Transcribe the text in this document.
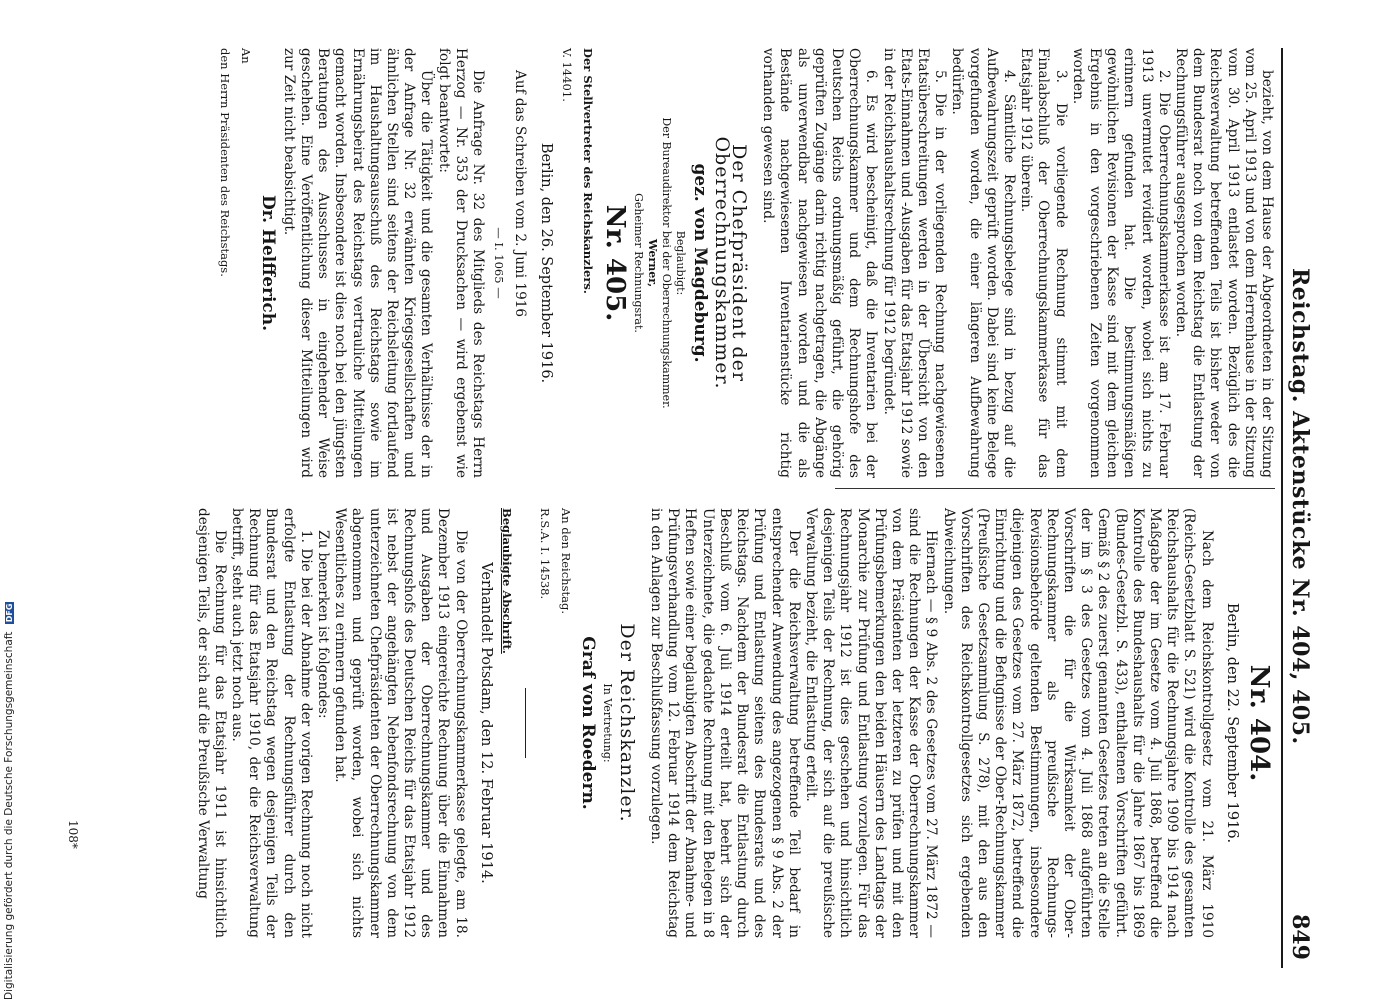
Reichstag. Aktenstücke Nr. 404, 405.
849
Nr. 404.
Berlin, den 22. September 1916.

Nach dem Reichskontrollgesetz vom 21. März 1910 (Reichs-Gesetzblatt S. 521) wird die Kontrolle des gesamten Reichshaushalts für die Rechnungsjahre 1909 bis 1914 nach Maßgabe der im Gesetze vom 4. Juli 1868, betreffend die Kontrolle des Bundeshaushalts für die Jahre 1867 bis 1869 (Bundes-Gesetzbl. S. 433), enthaltenen Vorschriften geführt. Gemäß § 2 des zuerst genannten Gesetzes treten an die Stelle der im § 3 des Gesetzes vom 4. Juli 1868 aufgeführten Vorschriften die für die Wirksamkeit der Ober-Rechnungskammer als preußische Rechnungs-Revisionsbehörde geltenden Bestimmungen, insbesondere diejenigen des Gesetzes vom 27. März 1872, betreffend die Einrichtung und die Befugnisse der Ober-Rechnungskammer (Preußische Gesetzsammlung S. 278), mit den aus den Vorschriften des Reichskontrollgesetzes sich ergebenden Abweichungen.

Hiernach — § 9 Abs. 2 des Gesetzes vom 27. März 1872 — sind die Rechnungen der Kasse der Oberrechnungskammer von dem Präsidenten der letzteren zu prüfen und mit den Prüfungsbemerkungen den beiden Häusern des Landtags der Monarchie zur Prüfung und Entlastung vorzulegen. Für das Rechnungsjahr 1912 ist dies geschehen und hinsichtlich desjenigen Teils der Rechnung, der sich auf die preußische Verwaltung bezieht, die Entlastung erteilt.

Der die Reichsverwaltung betreffende Teil bedarf in entsprechender Anwendung des angezogenen § 9 Abs. 2 der Prüfung und Entlastung seitens des Bundesrats und des Reichstags. Nachdem der Bundesrat die Entlastung durch Beschluß vom 6. Juli 1914 erteilt hat, beehrt sich der Unterzeichnete, die gedachte Rechnung mit den Belegen in 8 Heften sowie einer beglaubigten Abschrift der Abnahme- und Prüfungsverhandlung vom 12. Februar 1914 dem Reichstag in den Anlagen zur Beschlußfassung vorzulegen.

Der Reichskanzler.
In Vertretung:
Graf von Roedern.
An den Reichstag.
R.S.A. I. 14538.
Beglaubigte Abschrift.
Verhandelt Potsdam, den 12. Februar 1914.

Die von der Oberrechnungskammerkasse gelegte, am 18. Dezember 1913 eingereichte Rechnung über die Einnahmen und Ausgaben der Oberrechnungskammer und des Rechnungshofs des Deutschen Reichs für das Etatsjahr 1912 ist nebst der angehängten Nebenfondsrechnung von dem unterzeichneten Chefpräsidenten der Oberrechnungskammer abgenommen und geprüft worden, wobei sich nichts Wesentliches zu erinnern gefunden hat.

Zu bemerken ist folgendes:

1. Die bei der Abnahme der vorigen Rechnung noch nicht erfolgte Entlastung der Rechnungsführer durch den Bundesrat und den Reichstag wegen desjenigen Teils der Rechnung für das Etatsjahr 1910, der die Reichsverwaltung betrifft, steht auch jetzt noch aus.

Die Rechnung für das Etatsjahr 1911 ist hinsichtlich desjenigen Teils, der sich auf die Preußische Verwaltung

bezieht, von dem Hause der Abgeordneten in der Sitzung vom 25. April 1913 und von dem Herrenhause in der Sitzung vom 30. April 1913 entlastet worden. Bezüglich des die Reichsverwaltung betreffenden Teils ist bisher weder von dem Bundesrat noch von dem Reichstag die Entlastung der Rechnungsführer ausgesprochen worden.

2. Die Oberrechnungskammerkasse ist am 17. Februar 1913 unvermutet revidiert worden, wobei sich nichts zu erinnern gefunden hat. Die bestimmungsmäßigen gewöhnlichen Revisionen der Kasse sind mit dem gleichen Ergebnis in den vorgeschriebenen Zeiten vorgenommen worden.

3. Die vorliegende Rechnung stimmt mit dem Finalabschluß der Oberrechnungskammerkasse für das Etatsjahr 1912 überein.

4. Sämtliche Rechnungsbelege sind in bezug auf die Aufbewahrungszeit geprüft worden. Dabei sind keine Belege vorgefunden worden, die einer längeren Aufbewahrung bedürfen.

5. Die in der vorliegenden Rechnung nachgewiesenen Etatsüberschreitungen werden in der Übersicht von den Etats-Einnahmen und -Ausgaben für das Etatsjahr 1912 sowie in der Reichshaushaltsrechnung für 1912 begründet.

6. Es wird bescheinigt, daß die Inventarien bei der Oberrechnungskammer und dem Rechnungshofe des Deutschen Reichs ordnungsmäßig geführt, die gehörig geprüften Zugänge darin richtig nachgetragen, die Abgänge als unverwendbar nachgewiesen worden und die als Bestände nachgewiesenen Inventarienstücke richtig vorhanden gewesen sind.

Der Chefpräsident der Oberrechnungskammer.
gez. von Magdeburg.
Beglaubigt:
Der Bureaudirektor bei der Oberrechnungskammer.
Werner,
Geheimer Rechnungsrat.
Nr. 405.
Der Stellvertreter des Reichskanzlers.
V. 14401.
Berlin, den 26. September 1916.

Auf das Schreiben vom 2. Juni 1916

— I. 1065 —

Die Anfrage Nr. 32 des Mitglieds des Reichstags Herrn Herzog — Nr. 353 der Drucksachen — wird ergebenst wie folgt beantwortet:

Über die Tätigkeit und die gesamten Verhältnisse der in der Anfrage Nr. 32 erwähnten Kriegsgesellschaften und ähnlichen Stellen sind seitens der Reichsleitung fortlaufend im Haushaltungsausschuß des Reichstags sowie im Ernährungsbeirat des Reichstags vertrauliche Mitteilungen gemacht worden. Insbesondere ist dies noch bei den jüngsten Beratungen des Ausschusses in eingehender Weise geschehen. Eine Veröffentlichung dieser Mitteilungen wird zur Zeit nicht beabsichtigt.

Dr. Helfferich.
An
den Herrn Präsidenten des Reichstags.
Digitalisierung gefördert durch die Deutsche Forschungsgemeinschaft DFG
108*
